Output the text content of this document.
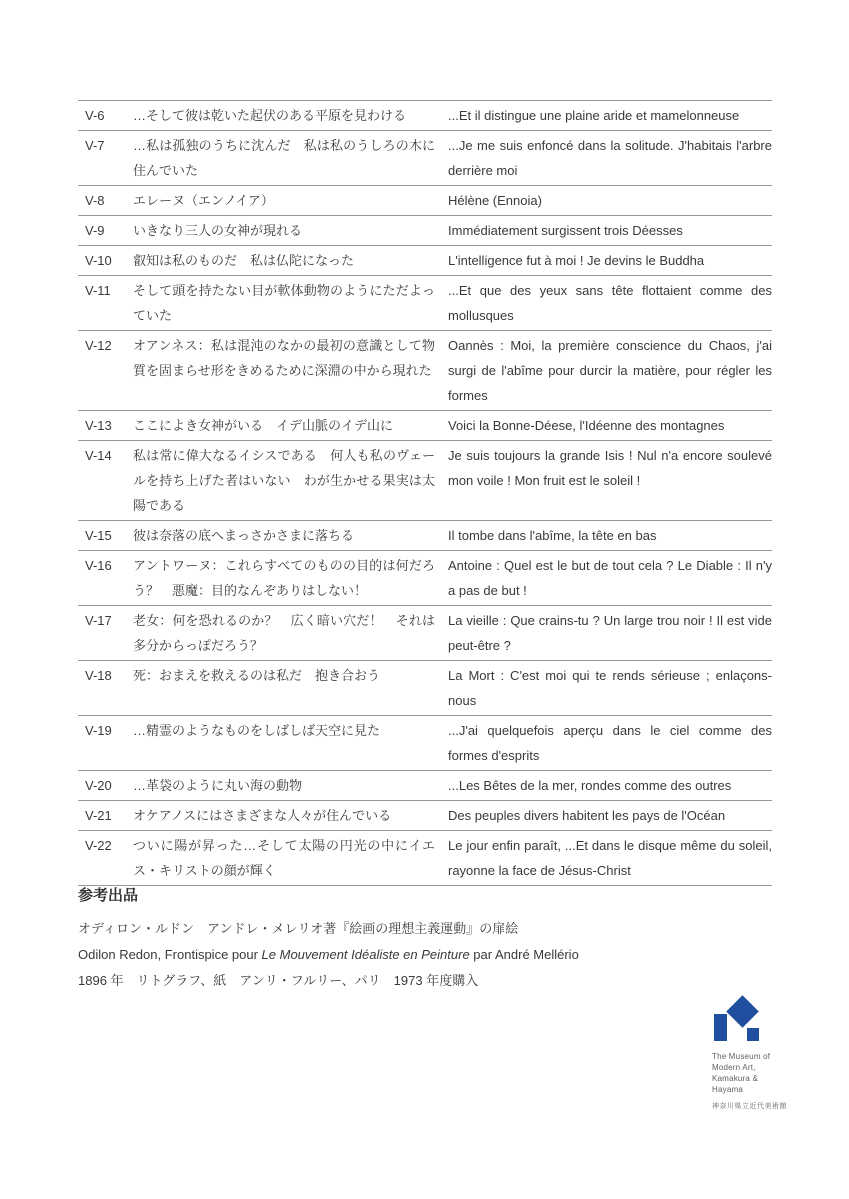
V-6	…そして彼は乾いた起伏のある平原を見わける	...Et il distingue une plaine aride et mamelonneuse
V-7	…私は孤独のうちに沈んだ　私は私のうしろの木に住んでいた	...Je me suis enfoncé dans la solitude. J'habitais l'arbre derrière moi
V-8	エレーヌ（エンノイア）	Hélène (Ennoia)
V-9	いきなり三人の女神が現れる	Immédiatement surgissent trois Déesses
V-10	叡知は私のものだ　私は仏陀になった	L'intelligence fut à moi ! Je devins le Buddha
V-11	そして頭を持たない目が軟体動物のようにただよっていた	...Et que des yeux sans tête flottaient comme des mollusques
V-12	オアンネス：私は混沌のなかの最初の意識として物質を固まらせ形をきめるために深淵の中から現れた	Oannès : Moi, la première conscience du Chaos, j'ai surgi de l'abîme pour durcir la matière, pour régler les formes
V-13	ここによき女神がいる　イデ山脈のイデ山に	Voici la Bonne-Déese, l'Idéenne des montagnes
V-14	私は常に偉大なるイシスである　何人も私のヴェールを持ち上げた者はいない　わが生かせる果実は太陽である	Je suis toujours la grande Isis ! Nul n'a encore soulevé mon voile ! Mon fruit est le soleil !
V-15	彼は奈落の底へまっさかさまに落ちる	Il tombe dans l'abîme, la tête en bas
V-16	アントワーヌ：これらすべてのものの目的は何だろう？　悪魔：目的なんぞありはしない！	Antoine : Quel est le but de tout cela ? Le Diable : Il n'y a pas de but !
V-17	老女：何を恐れるのか？　広く暗い穴だ！　それは多分からっぽだろう？	La vieille : Que crains-tu ? Un large trou noir ! Il est vide peut-être ?
V-18	死：おまえを救えるのは私だ　抱き合おう	La Mort : C'est moi qui te rends sérieuse ; enlaçons-nous
V-19	…精霊のようなものをしばしば天空に見た	...J'ai quelquefois aperçu dans le ciel comme des formes d'esprits
V-20	…革袋のように丸い海の動物	...Les Bêtes de la mer, rondes comme des outres
V-21	オケアノスにはさまざまな人々が住んでいる	Des peuples divers habitent les pays de l'Océan
V-22	ついに陽が昇った…そして太陽の円光の中にイエス・キリストの顔が輝く	Le jour enfin paraît, ...Et dans le disque même du soleil, rayonne la face de Jésus-Christ
参考出品
オディロン・ルドン　アンドレ・メレリオ著『絵画の理想主義運動』の扉絵
Odilon Redon, Frontispice pour Le Mouvement Idéaliste en Peinture par André Mellério
1896 年　リトグラフ、紙　アンリ・フルリー、パリ　1973 年度購入
The Museum of
Modern Art,
Kamakura &
Hayama
神奈川県立近代美術館
